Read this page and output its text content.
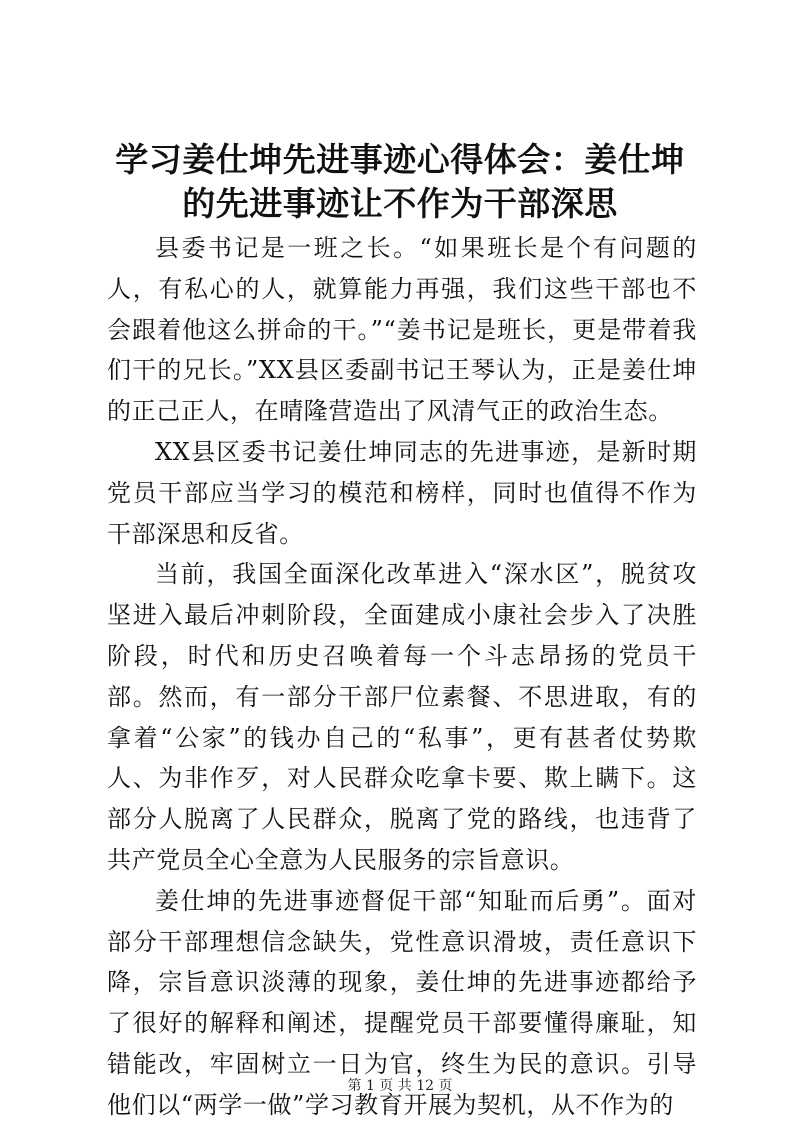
学习姜仕坤先进事迹心得体会：姜仕坤的先进事迹让不作为干部深思

县委书记是一班之长。“如果班长是个有问题的人，有私心的人，就算能力再强，我们这些干部也不会跟着他这么拼命的干。”“姜书记是班长，更是带着我们干的兄长。”XX县区委副书记王琴认为，正是姜仕坤的正己正人，在晴隆营造出了风清气正的政治生态。

XX县区委书记姜仕坤同志的先进事迹，是新时期党员干部应当学习的模范和榜样，同时也值得不作为干部深思和反省。

当前，我国全面深化改革进入“深水区”，脱贫攻坚进入最后冲刺阶段，全面建成小康社会步入了决胜阶段，时代和历史召唤着每一个斗志昂扬的党员干部。然而，有一部分干部尸位素餐、不思进取，有的拿着“公家”的钱办自己的“私事”，更有甚者仗势欺人、为非作歹，对人民群众吃拿卡要、欺上瞒下。这部分人脱离了人民群众，脱离了党的路线，也违背了共产党员全心全意为人民服务的宗旨意识。

姜仕坤的先进事迹督促干部“知耻而后勇”。面对部分干部理想信念缺失，党性意识滑坡，责任意识下降，宗旨意识淡薄的现象，姜仕坤的先进事迹都给予了很好的解释和阐述，提醒党员干部要懂得廉耻，知错能改，牢固树立一日为官，终生为民的意识。引导他们以“两学一做”学习教育开展为契机，从不作为的

第 1 页 共 12 页
